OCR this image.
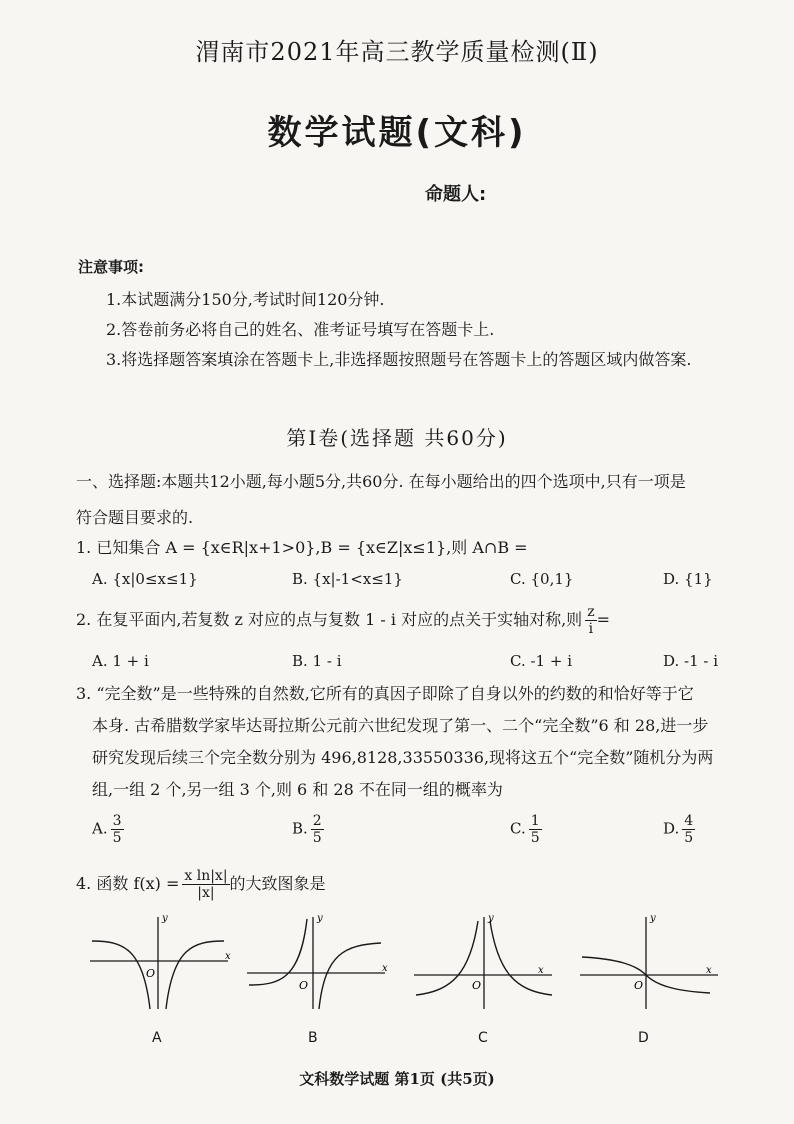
渭南市2021年高三教学质量检测(Ⅱ)
数学试题(文科)
命题人:
注意事项:
1.本试题满分150分,考试时间120分钟.
2.答卷前务必将自己的姓名、准考证号填写在答题卡上.
3.将选择题答案填涂在答题卡上,非选择题按照题号在答题卡上的答题区域内做答案.
第Ⅰ卷(选择题 共60分)
一、选择题:本题共12小题,每小题5分,共60分. 在每小题给出的四个选项中,只有一项是
符合题目要求的.
1. 已知集合 A = {x∈R|x+1>0},B = {x∈Z|x≤1},则 A∩B =
A. {x|0≤x≤1}	B. {x|-1<x≤1}	C. {0,1}	D. {1}
2. 在复平面内,若复数 z 对应的点与复数 1 - i 对应的点关于实轴对称,则 $\frac{z}{i}$ =
A. 1 + i	B. 1 - i	C. -1 + i	D. -1 - i
3. “完全数”是一些特殊的自然数,它所有的真因子即除了自身以外的约数的和恰好等于它
本身. 古希腊数学家毕达哥拉斯公元前六世纪发现了第一、二个“完全数”6 和 28,进一步
研究发现后续三个完全数分别为 496,8128,33550336,现将这五个“完全数”随机分为两
组,一组 2 个,另一组 3 个,则 6 和 28 不在同一组的概率为
A. $\frac{3}{5}$	B. $\frac{2}{5}$	C. $\frac{1}{5}$	D. $\frac{4}{5}$
4. 函数 $f(x) = \frac{\text{x ln|x|}}{|x|}$ 的大致图象是
y
x
O
y
x
O
y
x
O
y
x
O
A	B	C	D
文科数学试题 第1页 (共5页)
